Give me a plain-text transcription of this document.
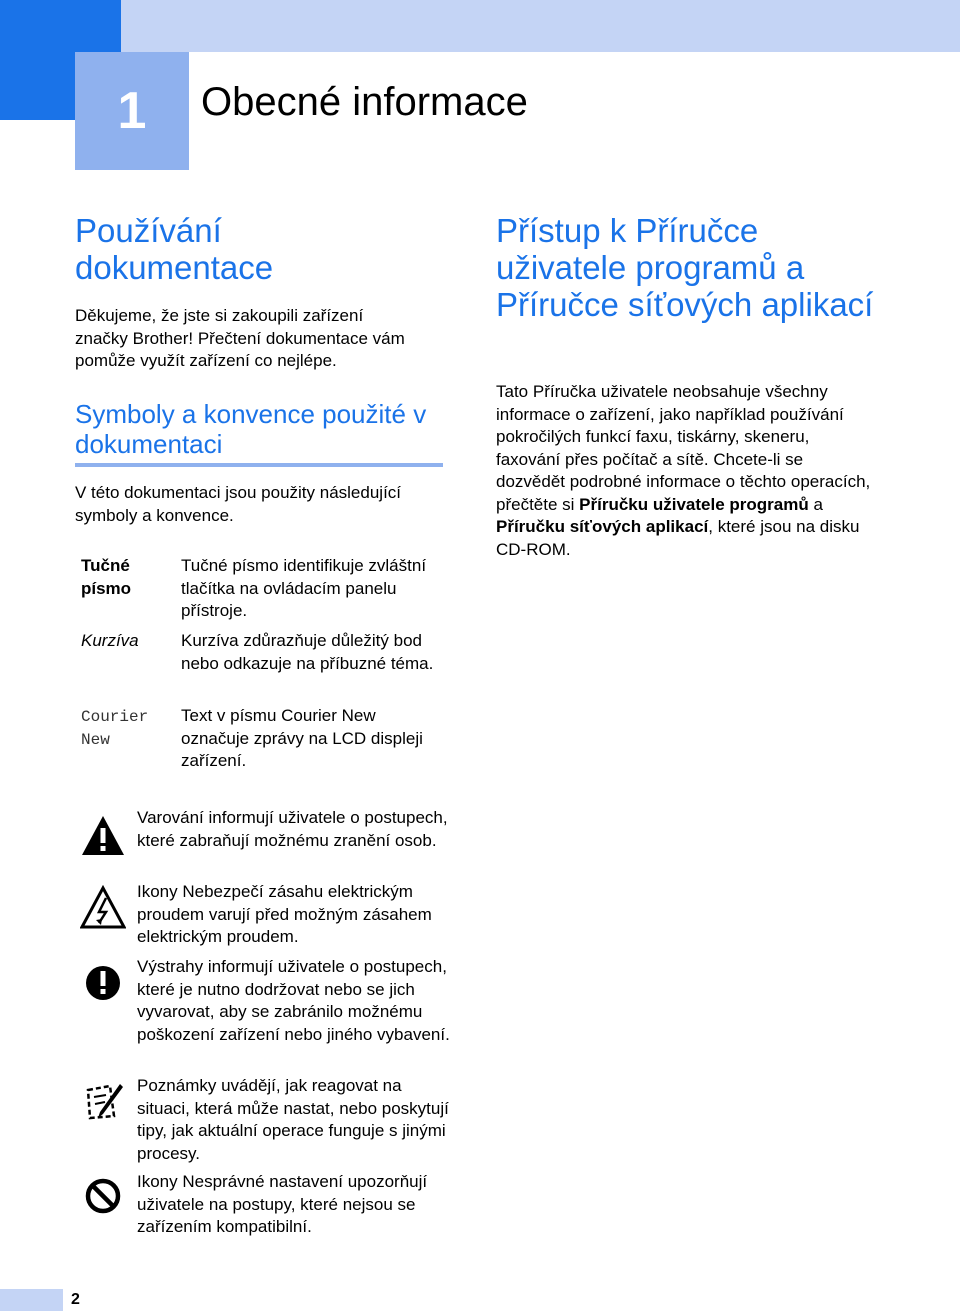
1	Obecné informace
Používání dokumentace
Děkujeme, že jste si zakoupili zařízení značky Brother! Přečtení dokumentace vám pomůže využít zařízení co nejlépe.
Symboly a konvence použité v dokumentaci
V této dokumentaci jsou použity následující symboly a konvence.
Tučné písmo
Tučné písmo identifikuje zvláštní tlačítka na ovládacím panelu přístroje.
Kurzíva Kurzíva zdůrazňuje důležitý bod nebo odkazuje na příbuzné téma.
Courier New
Text v písmu Courier New označuje zprávy na LCD displeji zařízení.
Varování informují uživatele o postupech, které zabraňují možnému zranění osob.
Ikony Nebezpečí zásahu elektrickým proudem varují před možným zásahem elektrickým proudem.
Výstrahy informují uživatele o postupech, které je nutno dodržovat nebo se jich vyvarovat, aby se zabránilo možnému poškození zařízení nebo jiného vybavení.
Poznámky uvádějí, jak reagovat na situaci, která může nastat, nebo poskytují tipy, jak aktuální operace funguje s jinými procesy.
Ikony Nesprávné nastavení upozorňují uživatele na postupy, které nejsou se zařízením kompatibilní.
Přístup k Příručce uživatele programů a Příručce síťových aplikací
Tato Příručka uživatele neobsahuje všechny informace o zařízení, jako například používání pokročilých funkcí faxu, tiskárny, skeneru, faxování přes počítač a sítě. Chcete-li se dozvědět podrobné informace o těchto operacích, přečtěte si Příručku uživatele programů a Příručku síťových aplikací, které jsou na disku CD-ROM.
2
